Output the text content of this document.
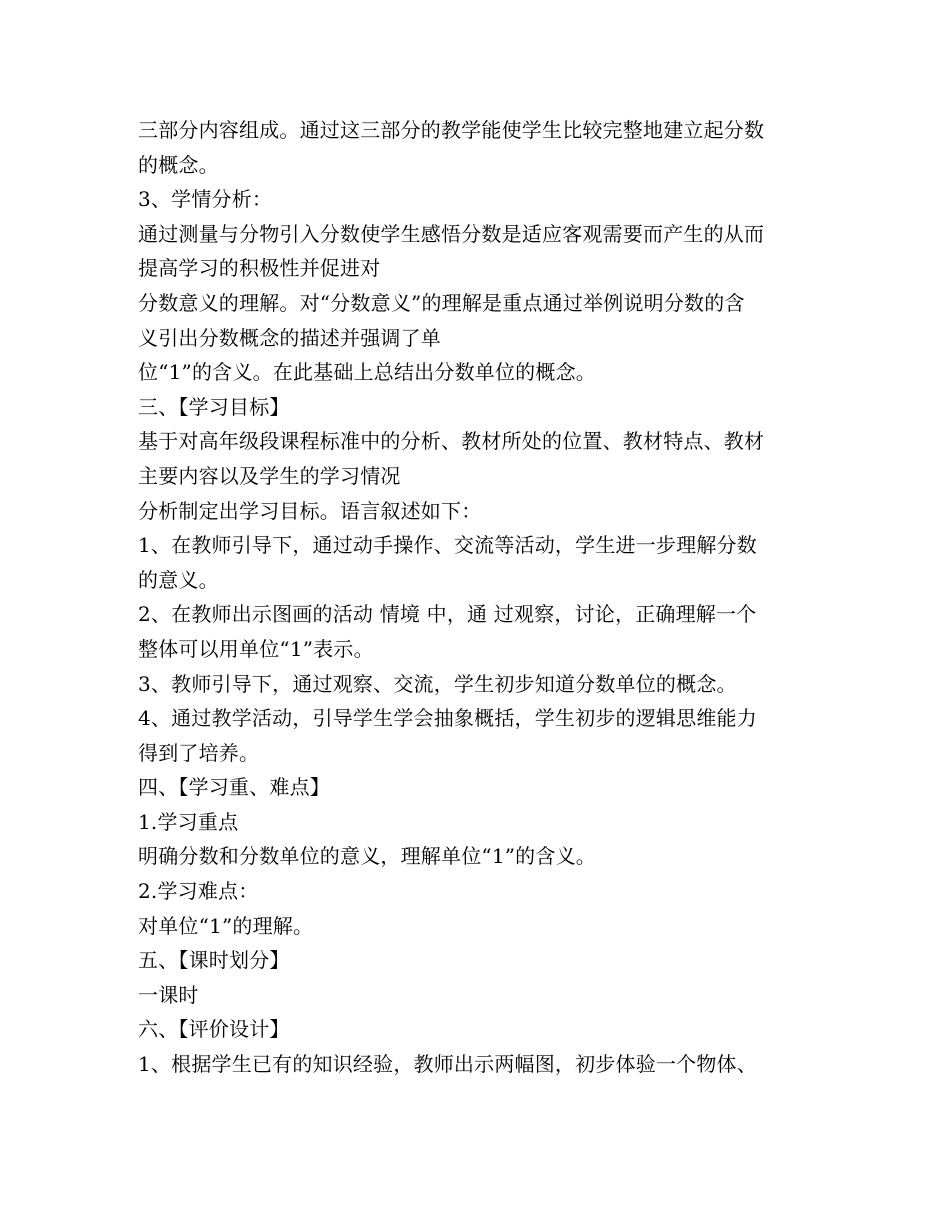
三部分内容组成。通过这三部分的教学能使学生比较完整地建立起分数
的概念。
3、学情分析：
通过测量与分物引入分数使学生感悟分数是适应客观需要而产生的从而
提高学习的积极性并促进对
分数意义的理解。对“分数意义”的理解是重点通过举例说明分数的含
义引出分数概念的描述并强调了单
位“1”的含义。在此基础上总结出分数单位的概念。
三、【学习目标】
基于对高年级段课程标准中的分析、教材所处的位置、教材特点、教材
主要内容以及学生的学习情况
分析制定出学习目标。语言叙述如下：
1、在教师引导下，通过动手操作、交流等活动，学生进一步理解分数
的意义。
2、在教师出示图画的活动 情境 中，通 过观察，讨论，正确理解一个
整体可以用单位“1”表示。
3、教师引导下，通过观察、交流，学生初步知道分数单位的概念。
4、通过教学活动，引导学生学会抽象概括，学生初步的逻辑思维能力
得到了培养。
四、【学习重、难点】
1.学习重点
明确分数和分数单位的意义，理解单位“1”的含义。
2.学习难点：
对单位“1”的理解。
五、【课时划分】
一课时
六、【评价设计】
1、根据学生已有的知识经验，教师出示两幅图，初步体验一个物体、
